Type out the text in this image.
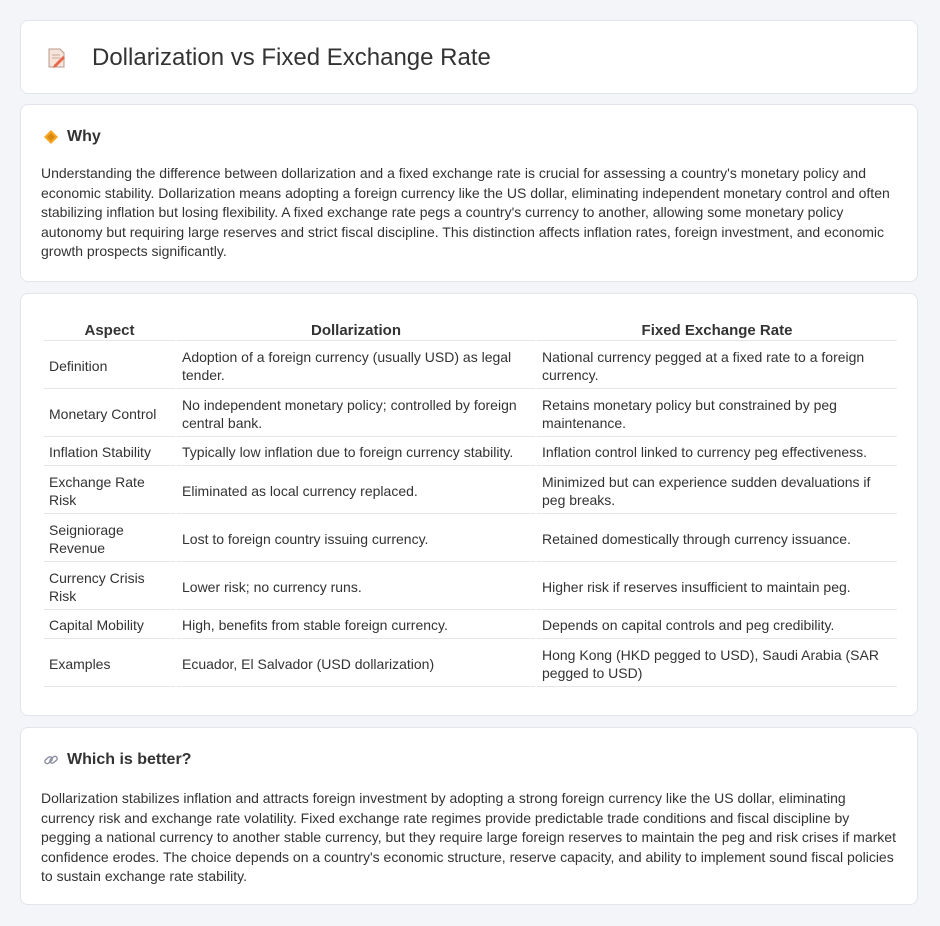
Dollarization vs Fixed Exchange Rate
Why

Understanding the difference between dollarization and a fixed exchange rate is crucial for assessing a country's monetary policy and economic stability. Dollarization means adopting a foreign currency like the US dollar, eliminating independent monetary control and often stabilizing inflation but losing flexibility. A fixed exchange rate pegs a country's currency to another, allowing some monetary policy autonomy but requiring large reserves and strict fiscal discipline. This distinction affects inflation rates, foreign investment, and economic growth prospects significantly.

Aspect	Dollarization	Fixed Exchange Rate
Definition	Adoption of a foreign currency (usually USD) as legal tender.	National currency pegged at a fixed rate to a foreign currency.
Monetary Control	No independent monetary policy; controlled by foreign central bank.	Retains monetary policy but constrained by peg maintenance.
Inflation Stability	Typically low inflation due to foreign currency stability.	Inflation control linked to currency peg effectiveness.
Exchange Rate Risk	Eliminated as local currency replaced.	Minimized but can experience sudden devaluations if peg breaks.
Seigniorage Revenue	Lost to foreign country issuing currency.	Retained domestically through currency issuance.
Currency Crisis Risk	Lower risk; no currency runs.	Higher risk if reserves insufficient to maintain peg.
Capital Mobility	High, benefits from stable foreign currency.	Depends on capital controls and peg credibility.
Examples	Ecuador, El Salvador (USD dollarization)	Hong Kong (HKD pegged to USD), Saudi Arabia (SAR pegged to USD)
Which is better?

Dollarization stabilizes inflation and attracts foreign investment by adopting a strong foreign currency like the US dollar, eliminating currency risk and exchange rate volatility. Fixed exchange rate regimes provide predictable trade conditions and fiscal discipline by pegging a national currency to another stable currency, but they require large foreign reserves to maintain the peg and risk crises if market confidence erodes. The choice depends on a country's economic structure, reserve capacity, and ability to implement sound fiscal policies to sustain exchange rate stability.
